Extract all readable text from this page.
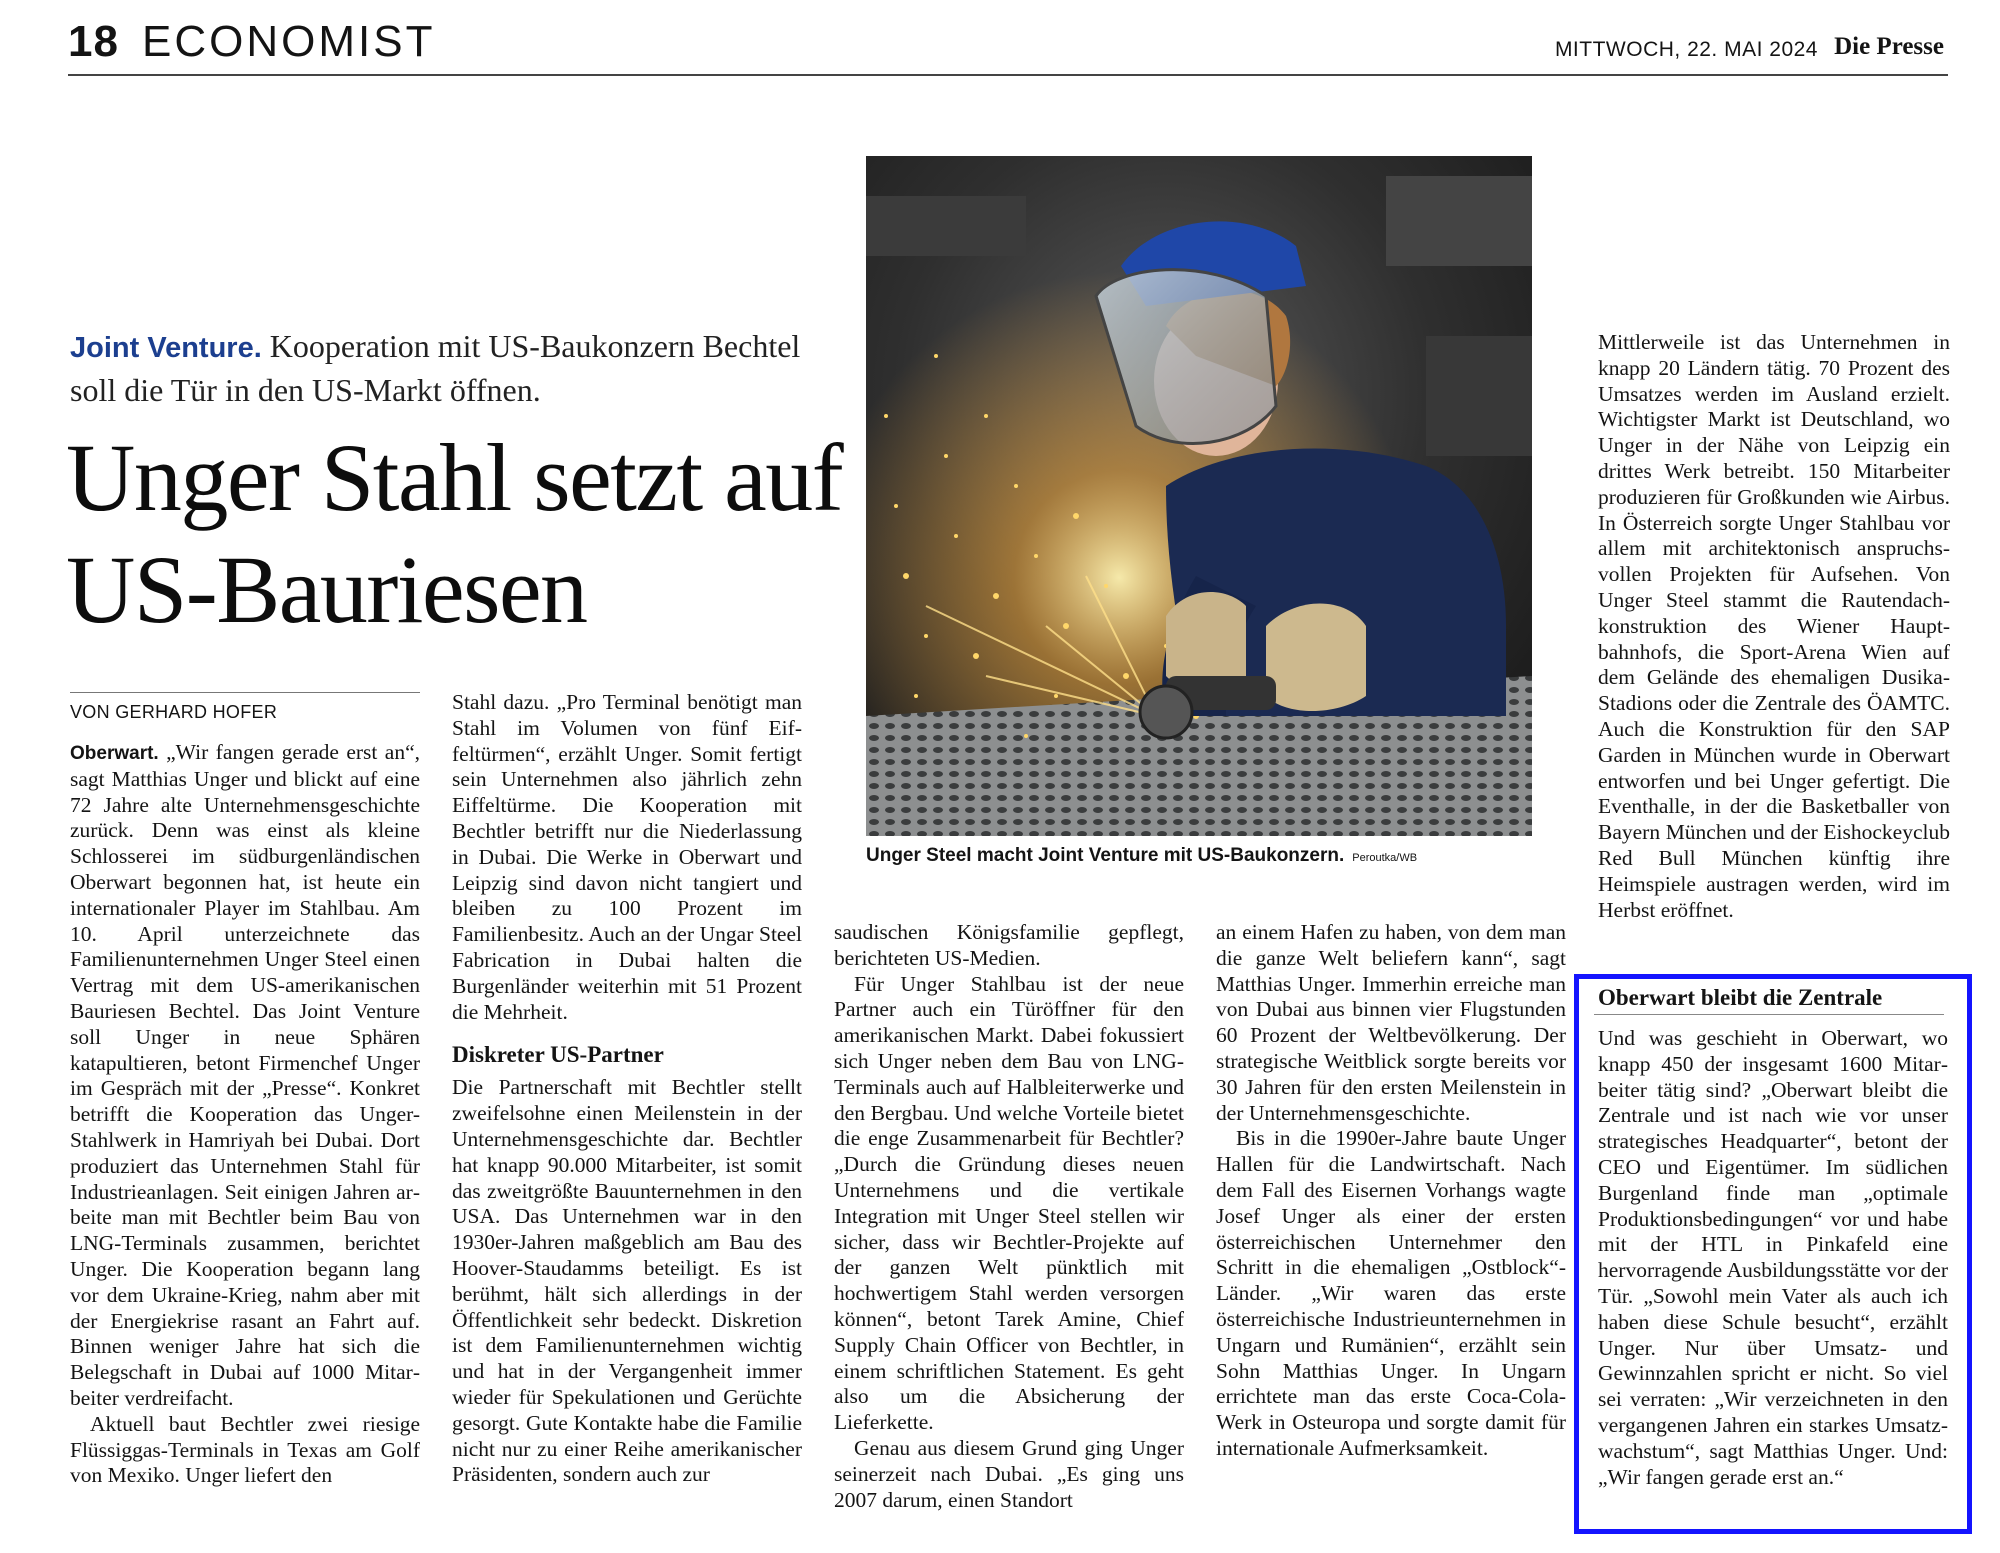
18 ECONOMIST	MITTWOCH, 22. MAI 2024 Die Presse
Joint Venture. Kooperation mit US-Baukonzern Bechtel soll die Tür in den US-Markt öffnen.
Unger Stahl setzt auf US-Bauriesen
VON GERHARD HOFER

Oberwart. „Wir fangen gerade erst an“, sagt Matthias Unger und blickt auf eine 72 Jahre alte Unternehmensgeschichte zurück. Denn was einst als kleine Schlosserei im südburgenländischen Oberwart begonnen hat, ist heute ein internationaler Player im Stahlbau. Am 10. April unterzeichnete das Familienunternehmen Unger Steel einen Vertrag mit dem US-amerikanischen Bauriesen Bechtel. Das Joint Venture soll Unger in neue Sphären katapultieren, betont Firmenchef Unger im Gespräch mit der „Presse“. Konkret betrifft die Kooperation das Unger-Stahlwerk in Hamriyah bei Dubai. Dort produziert das Unternehmen Stahl für Industrieanlagen. Seit einigen Jahren arbeite man mit Bechtler beim Bau von LNG-Terminals zusammen, berichtet Unger. Die Kooperation begann lang vor dem Ukraine-Krieg, nahm aber mit der Energiekrise rasant an Fahrt auf. Binnen weniger Jahre hat sich die Belegschaft in Dubai auf 1000 Mitarbeiter verdreifacht.

Aktuell baut Bechtler zwei riesige Flüssiggas-Terminals in Texas am Golf von Mexiko. Unger liefert den

Stahl dazu. „Pro Terminal benötigt man Stahl im Volumen von fünf Eiffeltürmen“, erzählt Unger. Somit fertigt sein Unternehmen also jährlich zehn Eiffeltürme. Die Kooperation mit Bechtler betrifft nur die Niederlassung in Dubai. Die Werke in Oberwart und Leipzig sind davon nicht tangiert und bleiben zu 100 Prozent im Familienbesitz. Auch an der Ungar Steel Fabrication in Dubai halten die Burgenländer weiterhin mit 51 Prozent die Mehrheit.

Diskreter US-Partner

Die Partnerschaft mit Bechtler stellt zweifelsohne einen Meilenstein in der Unternehmensgeschichte dar. Bechtler hat knapp 90.000 Mitarbeiter, ist somit das zweitgrößte Bauunternehmen in den USA. Das Unternehmen war in den 1930er-Jahren maßgeblich am Bau des Hoover-Staudamms beteiligt. Es ist berühmt, hält sich allerdings in der Öffentlichkeit sehr bedeckt. Diskretion ist dem Familienunternehmen wichtig und hat in der Vergangenheit immer wieder für Spekulationen und Gerüchte gesorgt. Gute Kontakte habe die Familie nicht nur zu einer Reihe amerikanischer Präsidenten, sondern auch zur

Unger Steel macht Joint Venture mit US-Baukonzern. Peroutka/WB

saudischen Königsfamilie gepflegt, berichteten US-Medien.

Für Unger Stahlbau ist der neue Partner auch ein Türöffner für den amerikanischen Markt. Dabei fokussiert sich Unger neben dem Bau von LNG-Terminals auch auf Halbleiterwerke und den Bergbau. Und welche Vorteile bietet die enge Zusammenarbeit für Bechtler? „Durch die Gründung dieses neuen Unternehmens und die vertikale Integration mit Unger Steel stellen wir sicher, dass wir Bechtler-Projekte auf der ganzen Welt pünktlich mit hochwertigem Stahl werden versorgen können“, betont Tarek Amine, Chief Supply Chain Officer von Bechtler, in einem schriftlichen Statement. Es geht also um die Absicherung der Lieferkette.

Genau aus diesem Grund ging Unger seinerzeit nach Dubai. „Es ging uns 2007 darum, einen Standort

an einem Hafen zu haben, von dem man die ganze Welt beliefern kann“, sagt Matthias Unger. Immerhin erreiche man von Dubai aus binnen vier Flugstunden 60 Prozent der Weltbevölkerung. Der strategische Weitblick sorgte bereits vor 30 Jahren für den ersten Meilenstein in der Unternehmensgeschichte.

Bis in die 1990er-Jahre baute Unger Hallen für die Landwirtschaft. Nach dem Fall des Eisernen Vorhangs wagte Josef Unger als einer der ersten österreichischen Unternehmer den Schritt in die ehemaligen „Ostblock“-Länder. „Wir waren das erste österreichische Industrieunternehmen in Ungarn und Rumänien“, erzählt sein Sohn Matthias Unger. In Ungarn errichtete man das erste Coca-Cola-Werk in Osteuropa und sorgte damit für internationale Aufmerksamkeit.

Mittlerweile ist das Unternehmen in knapp 20 Ländern tätig. 70 Prozent des Umsatzes werden im Ausland erzielt. Wichtigster Markt ist Deutschland, wo Unger in der Nähe von Leipzig ein drittes Werk betreibt. 150 Mitarbeiter produzieren für Großkunden wie Airbus. In Österreich sorgte Unger Stahlbau vor allem mit architektonisch anspruchsvollen Projekten für Aufsehen. Von Unger Steel stammt die Rautendachkonstruktion des Wiener Hauptbahnhofs, die Sport-Arena Wien auf dem Gelände des ehemaligen Dusika-Stadions oder die Zentrale des ÖAMTC. Auch die Konstruktion für den SAP Garden in München wurde in Oberwart entworfen und bei Unger gefertigt. Die Eventhalle, in der die Basketballer von Bayern München und der Eishockeyclub Red Bull München künftig ihre Heimspiele austragen werden, wird im Herbst eröffnet.

Oberwart bleibt die Zentrale

Und was geschieht in Oberwart, wo knapp 450 der insgesamt 1600 Mitarbeiter tätig sind? „Oberwart bleibt die Zentrale und ist nach wie vor unser strategisches Headquarter“, betont der CEO und Eigentümer. Im südlichen Burgenland finde man „optimale Produktionsbedingungen“ vor und habe mit der HTL in Pinkafeld eine hervorragende Ausbildungsstätte vor der Tür. „Sowohl mein Vater als auch ich haben diese Schule besucht“, erzählt Unger. Nur über Umsatz- und Gewinnzahlen spricht er nicht. So viel sei verraten: „Wir verzeichneten in den vergangenen Jahren ein starkes Umsatzwachstum“, sagt Matthias Unger. Und: „Wir fangen gerade erst an.“
